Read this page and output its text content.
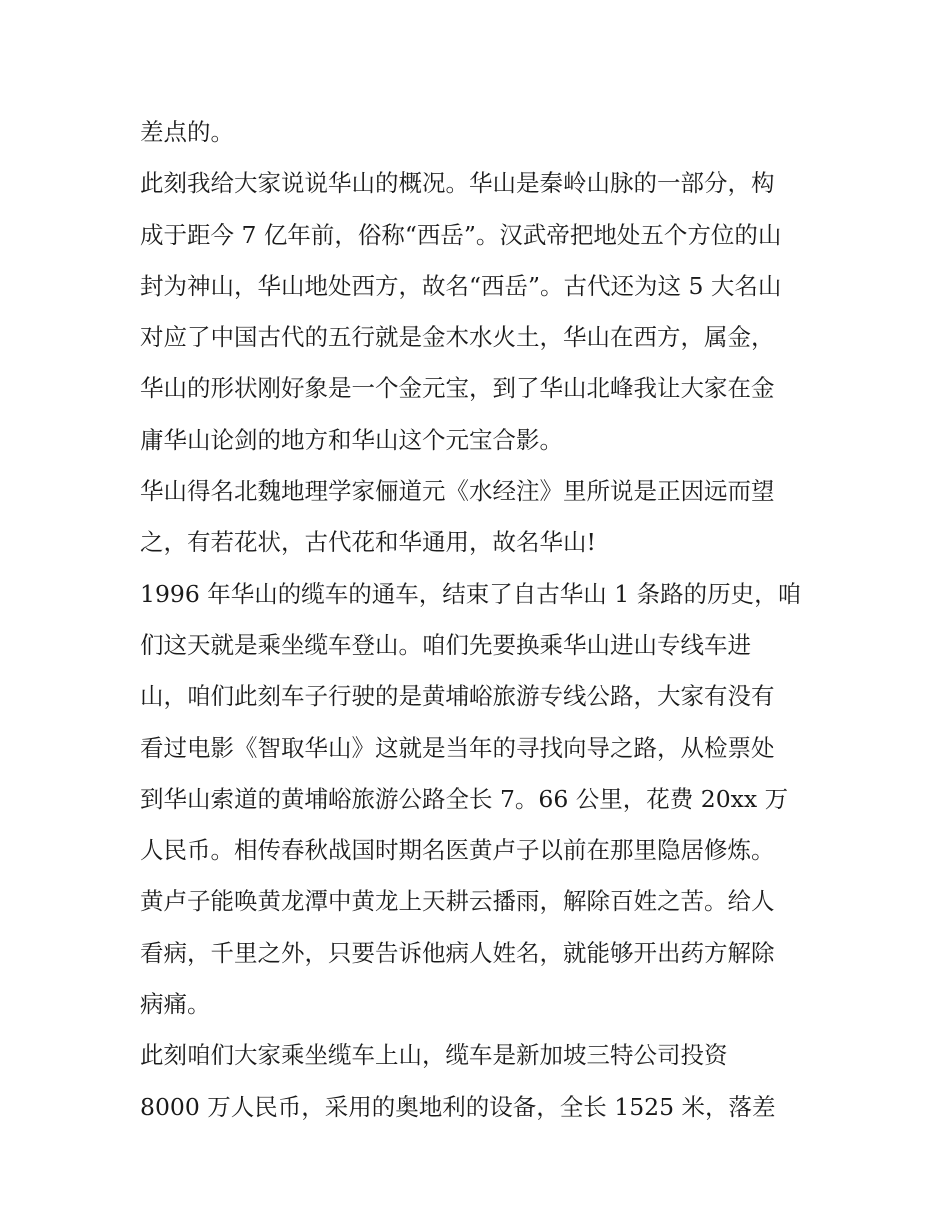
差点的。

此刻我给大家说说华山的概况。华山是秦岭山脉的一部分，构

成于距今 7 亿年前，俗称“西岳”。汉武帝把地处五个方位的山

封为神山，华山地处西方，故名“西岳”。古代还为这 5 大名山

对应了中国古代的五行就是金木水火土，华山在西方，属金，

华山的形状刚好象是一个金元宝，到了华山北峰我让大家在金

庸华山论剑的地方和华山这个元宝合影。

华山得名北魏地理学家俪道元《水经注》里所说是正因远而望

之，有若花状，古代花和华通用，故名华山!

1996 年华山的缆车的通车，结束了自古华山 1 条路的历史，咱

们这天就是乘坐缆车登山。咱们先要换乘华山进山专线车进

山，咱们此刻车子行驶的是黄埔峪旅游专线公路，大家有没有

看过电影《智取华山》这就是当年的寻找向导之路，从检票处

到华山索道的黄埔峪旅游公路全长 7。66 公里，花费 20xx 万

人民币。相传春秋战国时期名医黄卢子以前在那里隐居修炼。

黄卢子能唤黄龙潭中黄龙上天耕云播雨，解除百姓之苦。给人

看病，千里之外，只要告诉他病人姓名，就能够开出药方解除

病痛。

此刻咱们大家乘坐缆车上山，缆车是新加坡三特公司投资

8000 万人民币，采用的奥地利的设备，全长 1525 米，落差
